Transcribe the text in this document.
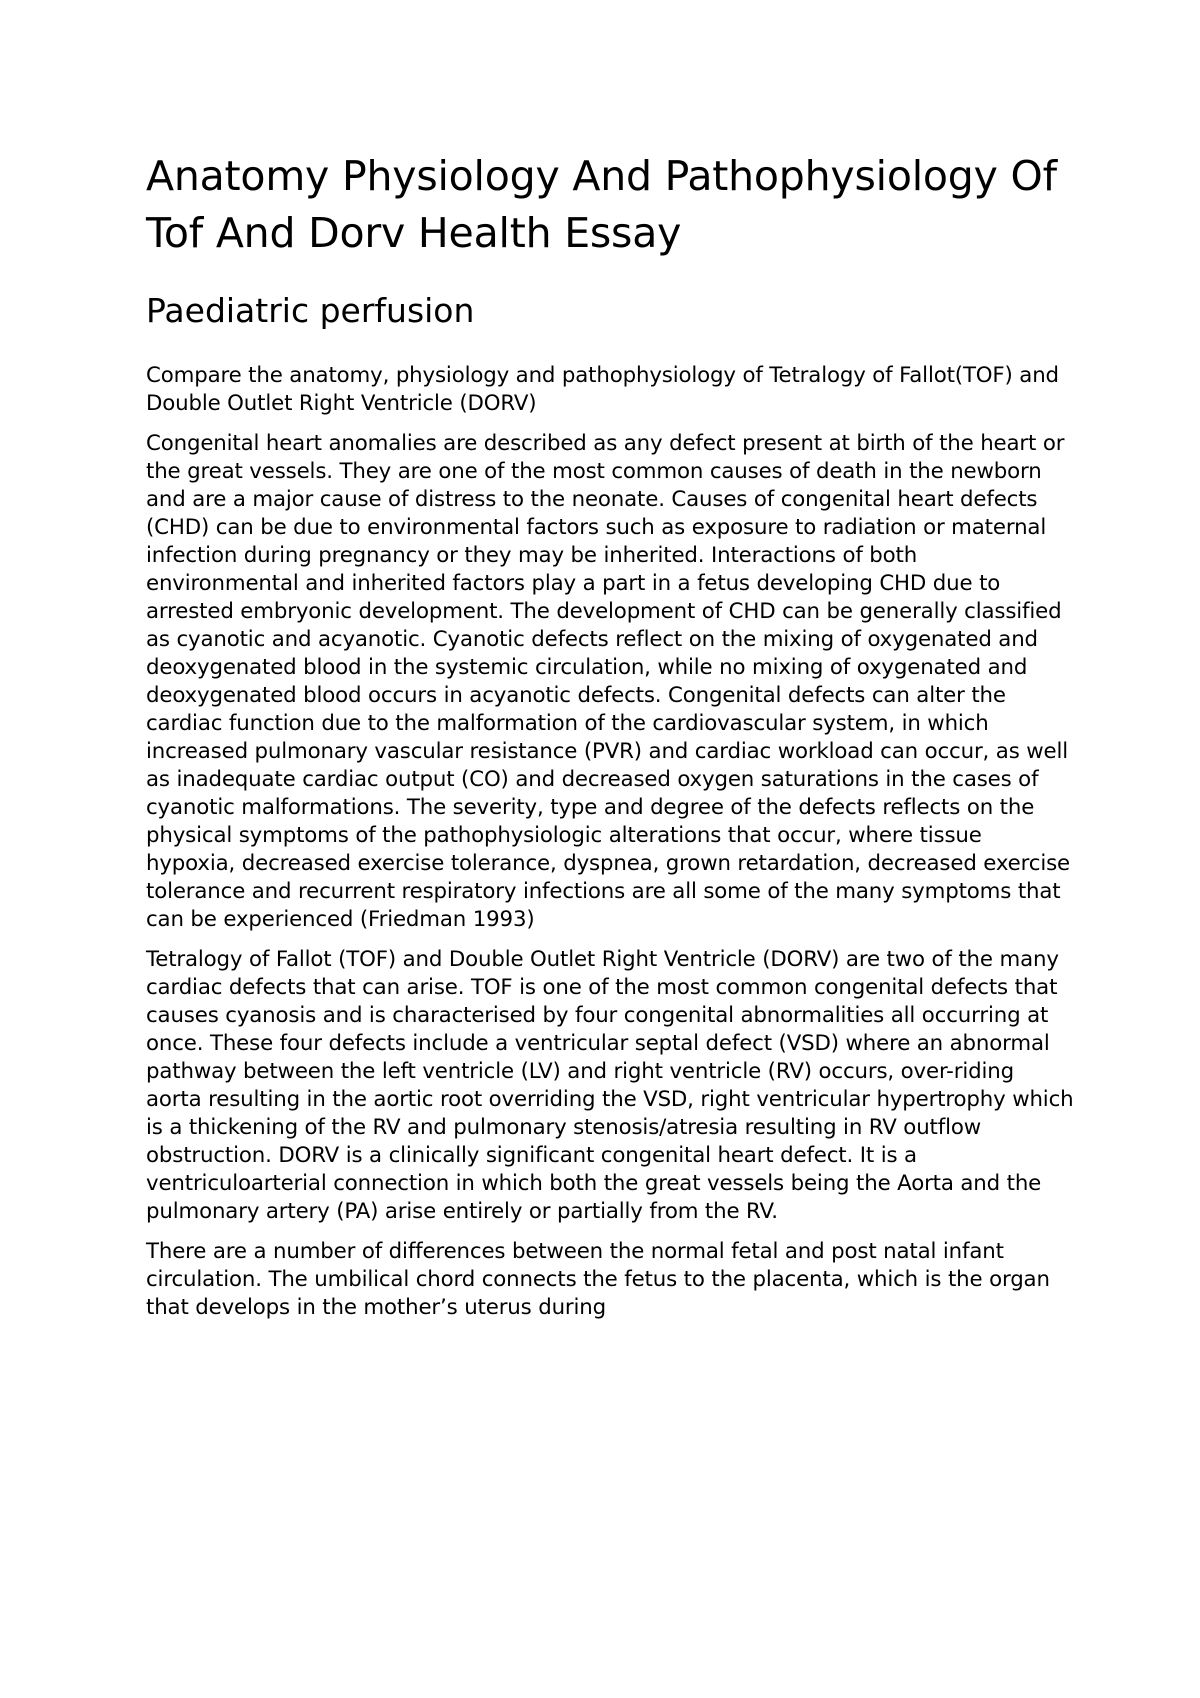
Anatomy Physiology And Pathophysiology Of Tof And Dorv Health Essay
Paediatric perfusion

Compare the anatomy, physiology and pathophysiology of Tetralogy of Fallot(TOF) and Double Outlet Right Ventricle (DORV)

Congenital heart anomalies are described as any defect present at birth of the heart or the great vessels. They are one of the most common causes of death in the newborn and are a major cause of distress to the neonate. Causes of congenital heart defects (CHD) can be due to environmental factors such as exposure to radiation or maternal infection during pregnancy or they may be inherited. Interactions of both environmental and inherited factors play a part in a fetus developing CHD due to arrested embryonic development. The development of CHD can be generally classified as cyanotic and acyanotic. Cyanotic defects reflect on the mixing of oxygenated and deoxygenated blood in the systemic circulation, while no mixing of oxygenated and deoxygenated blood occurs in acyanotic defects. Congenital defects can alter the cardiac function due to the malformation of the cardiovascular system, in which increased pulmonary vascular resistance (PVR) and cardiac workload can occur, as well as inadequate cardiac output (CO) and decreased oxygen saturations in the cases of cyanotic malformations. The severity, type and degree of the defects reflects on the physical symptoms of the pathophysiologic alterations that occur, where tissue hypoxia, decreased exercise tolerance, dyspnea, grown retardation, decreased exercise tolerance and recurrent respiratory infections are all some of the many symptoms that can be experienced (Friedman 1993)

Tetralogy of Fallot (TOF) and Double Outlet Right Ventricle (DORV) are two of the many cardiac defects that can arise. TOF is one of the most common congenital defects that causes cyanosis and is characterised by four congenital abnormalities all occurring at once. These four defects include a ventricular septal defect (VSD) where an abnormal pathway between the left ventricle (LV) and right ventricle (RV) occurs, over-riding aorta resulting in the aortic root overriding the VSD, right ventricular hypertrophy which is a thickening of the RV and pulmonary stenosis/atresia resulting in RV outflow obstruction. DORV is a clinically significant congenital heart defect. It is a ventriculoarterial connection in which both the great vessels being the Aorta and the pulmonary artery (PA) arise entirely or partially from the RV.

There are a number of differences between the normal fetal and post natal infant circulation. The umbilical chord connects the fetus to the placenta, which is the organ that develops in the mother’s uterus during
